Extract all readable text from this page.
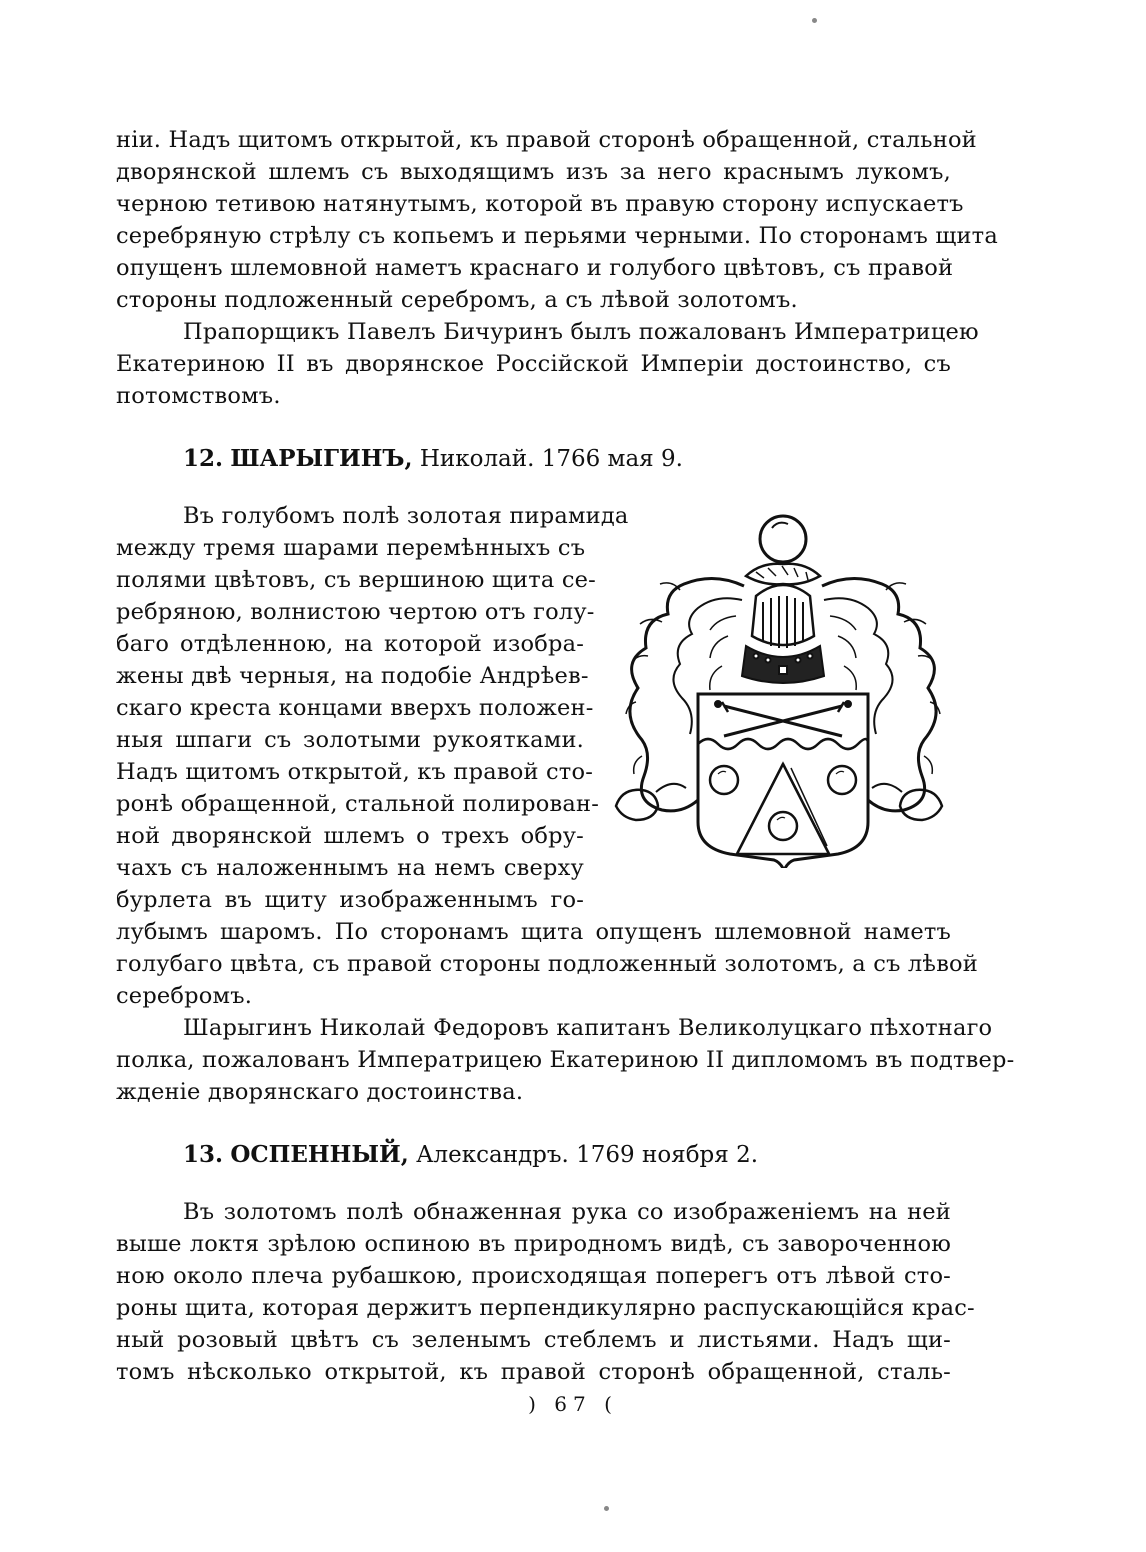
нiи. Надъ щитомъ открытой, къ правой сторонѣ обращенной, стальной
дворянской шлемъ съ выходящимъ изъ за него краснымъ лукомъ,
черною тетивою натянутымъ, которой въ правую сторону испускаетъ
серебряную стрѣлу съ копьемъ и перьями черными. По сторонамъ щита
опущенъ шлемовной наметъ краснаго и голубого цвѣтовъ, съ правой
стороны подложенный серебромъ, а съ лѣвой золотомъ.
Прапорщикъ Павелъ Бичуринъ былъ пожалованъ Императрицею
Екатериною II въ дворянское Россiйской Имперiи достоинство, съ
потомствомъ.
12. ШАРЫГИНЪ, Николай. 1766 мая 9.
Въ голубомъ полѣ золотая пирамида
между тремя шарами перемѣнныхъ съ
полями цвѣтовъ, съ вершиною щита се-
ребряною, волнистою чертою отъ голу-
баго отдѣленною, на которой изобра-
жены двѣ черныя, на подобiе Андрѣев-
скаго креста концами вверхъ положен-
ныя шпаги съ золотыми рукоятками.
Надъ щитомъ открытой, къ правой сто-
ронѣ обращенной, стальной полирован-
ной дворянской шлемъ о трехъ обру-
чахъ съ наложеннымъ на немъ сверху
бурлета въ щиту изображеннымъ го-
лубымъ шаромъ. По сторонамъ щита опущенъ шлемовной наметъ
голубаго цвѣта, съ правой стороны подложенный золотомъ, а съ лѣвой
серебромъ.
Шарыгинъ Николай Федоровъ капитанъ Великолуцкаго пѣхотнаго
полка, пожалованъ Императрицею Екатериною II дипломомъ въ подтвер-
жденiе дворянскаго достоинства.
13. ОСПЕННЫЙ, Александръ. 1769 ноября 2.
Въ золотомъ полѣ обнаженная рука со изображенiемъ на ней
выше локтя зрѣлою оспиною въ природномъ видѣ, съ завороченною
ною около плеча рубашкою, происходящая поперегъ отъ лѣвой сто-
роны щита, которая держитъ перпендикулярно распускающiйся крас-
ный розовый цвѣтъ съ зеленымъ стеблемъ и листьями. Надъ щи-
томъ нѣсколько открытой, къ правой сторонѣ обращенной, сталь-
) 67 (
